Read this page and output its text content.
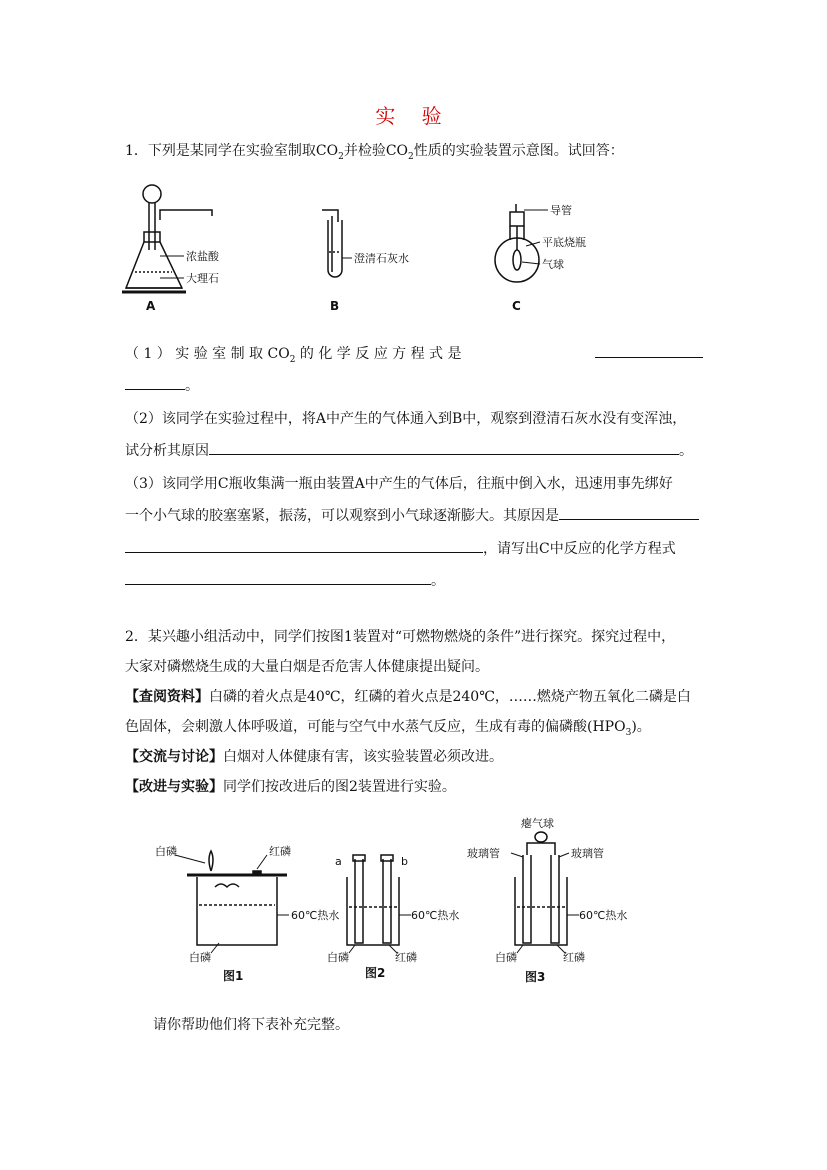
实 验
1．下列是某同学在实验室制取$CO_2$并检验$CO_2$性质的实验装置示意图。试回答：
浓盐酸
大理石
A
澄清石灰水
B
导管
平底烧瓶
气球
C
（ 1 ） 实 验 室 制 取 $CO_2$ 的 化 学 反 应 方 程 式 是
。
（2）该同学在实验过程中，将A中产生的气体通入到B中，观察到澄清石灰水没有变浑浊，
试分析其原因	。
（3）该同学用C瓶收集满一瓶由装置A中产生的气体后，往瓶中倒入水，迅速用事先绑好
一个小气球的胶塞塞紧，振荡，可以观察到小气球逐渐膨大。其原因是
，请写出C中反应的化学方程式
。
2．某兴趣小组活动中，同学们按图1装置对“可燃物燃烧的条件”进行探究。探究过程中，
大家对磷燃烧生成的大量白烟是否危害人体健康提出疑问。
【查阅资料】白磷的着火点是40℃，红磷的着火点是240℃，……燃烧产物五氧化二磷是白
色固体，会刺激人体呼吸道，可能与空气中水蒸气反应，生成有毒的偏磷酸$(HPO_3)$。
【交流与讨论】白烟对人体健康有害，该实验装置必须改进。
【改进与实验】同学们按改进后的图2装置进行实验。
白磷	红磷
60℃热水
白磷
图1
a	b
60℃热水
白磷	红磷
图2
瘪气球
玻璃管	玻璃管
60℃热水
白磷	红磷
图3
请你帮助他们将下表补充完整。
